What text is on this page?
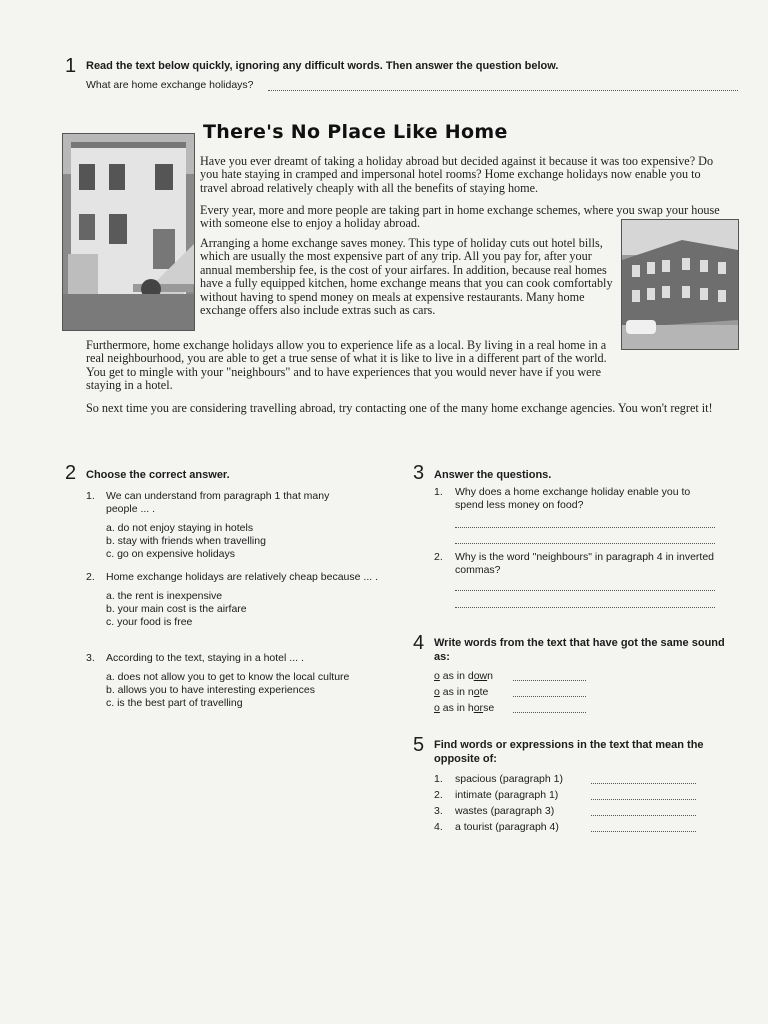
1 Read the text below quickly, ignoring any difficult words. Then answer the question below.
What are home exchange holidays?
There's No Place Like Home
Have you ever dreamt of taking a holiday abroad but decided against it because it was too expensive? Do you hate staying in cramped and impersonal hotel rooms? Home exchange holidays now enable you to travel abroad relatively cheaply with all the benefits of staying home.
Every year, more and more people are taking part in home exchange schemes, where you swap your house with someone else to enjoy a holiday abroad.
Arranging a home exchange saves money. This type of holiday cuts out hotel bills, which are usually the most expensive part of any trip. All you pay for, after your annual membership fee, is the cost of your airfares. In addition, because real homes have a fully equipped kitchen, home exchange means that you can cook comfortably without having to spend money on meals at expensive restaurants. Many home exchange offers also include extras such as cars.
Furthermore, home exchange holidays allow you to experience life as a local. By living in a real home in a real neighbourhood, you are able to get a true sense of what it is like to live in a different part of the world. You get to mingle with your "neighbours" and to have experiences that you would never have if you were staying in a hotel.
So next time you are considering travelling abroad, try contacting one of the many home exchange agencies. You won't regret it!
2 Choose the correct answer.
1. We can understand from paragraph 1 that many people ... .
a. do not enjoy staying in hotels
b. stay with friends when travelling
c. go on expensive holidays
2. Home exchange holidays are relatively cheap because ... .
a. the rent is inexpensive
b. your main cost is the airfare
c. your food is free
3. According to the text, staying in a hotel ... .
a. does not allow you to get to know the local culture
b. allows you to have interesting experiences
c. is the best part of travelling
3 Answer the questions.
1. Why does a home exchange holiday enable you to spend less money on food?
2. Why is the word "neighbours" in paragraph 4 in inverted commas?
4 Write words from the text that have got the same sound as:
o as in down
o as in note
o as in horse
5 Find words or expressions in the text that mean the opposite of:
1. spacious (paragraph 1)
2. intimate (paragraph 1)
3. wastes (paragraph 3)
4. a tourist (paragraph 4)
